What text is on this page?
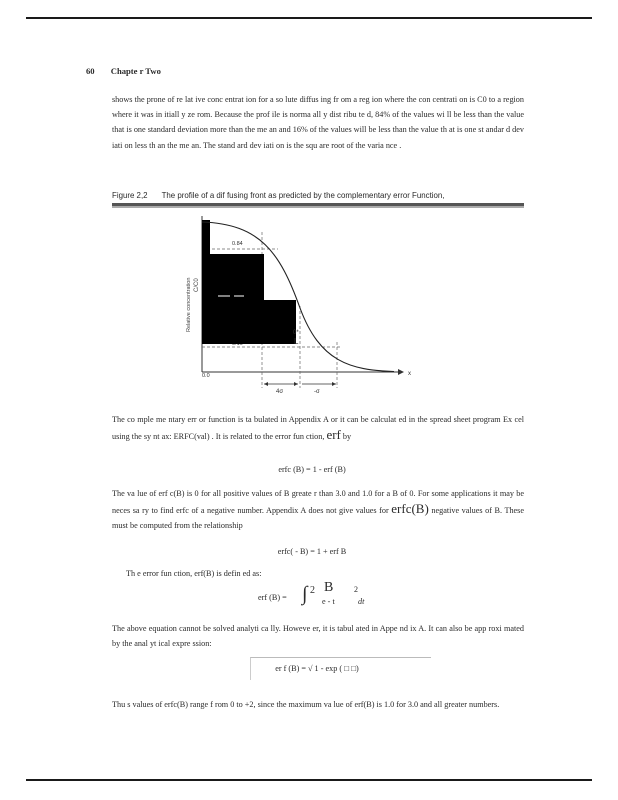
60 Chapte r Two

shows the prone of re lat ive conc entrat ion for a so lute diffus ing fr om a reg ion where the con centrati on is C0 to a region where it was in itiall y ze rom. Because the prof ile is norma all y dist ribu te d, 84% of the values wi ll be less than the value that is one standard deviation more than the me an and 16% of the values will be less than the value th at is one st andar d dev iati on less th an the me an. The stand ard dev iati on is the squ are root of the varia nce .

Figure 2,2 The profile of a dif fusing front as predicted by the complementary error Function,
x
Relative concentration C/C0
0.84
0.0
0*
L
4σ	-σ

The co mple me ntary err or function is ta bulated in Appendix A or it can be calculat ed in the spread sheet program Ex cel using the sy nt ax: ERFC(val) . It is related to the error fun ction, erf by

erfc (B) = 1 - erf (B)

The va lue of erf c(B) is 0 for all positive values of B greate r than 3.0 and 1.0 for a B of 0. For some applications it may be neces sa ry to find erfc of a negative number. Appendix A does not give values for erfc(B) negative values of B. These must be computed from the relationship

erfc( - B) = 1 + erf B

Th e error fun ction, erf(B) is defin ed as:

erf (B) = ∫ 2 B	2
e - t	dt

The above equation cannot be solved analyti ca lly. Howeve er, it is tabul ated in Appe nd ix A. It can also be app roxi mated by the anal yt ical expre ssion:

er f (B) = √ 1 - exp ( □ □)

Thu s values of erfc(B) range f rom 0 to +2, since the maximum va lue of erf(B) is 1.0 for 3.0 and all greater numbers.
